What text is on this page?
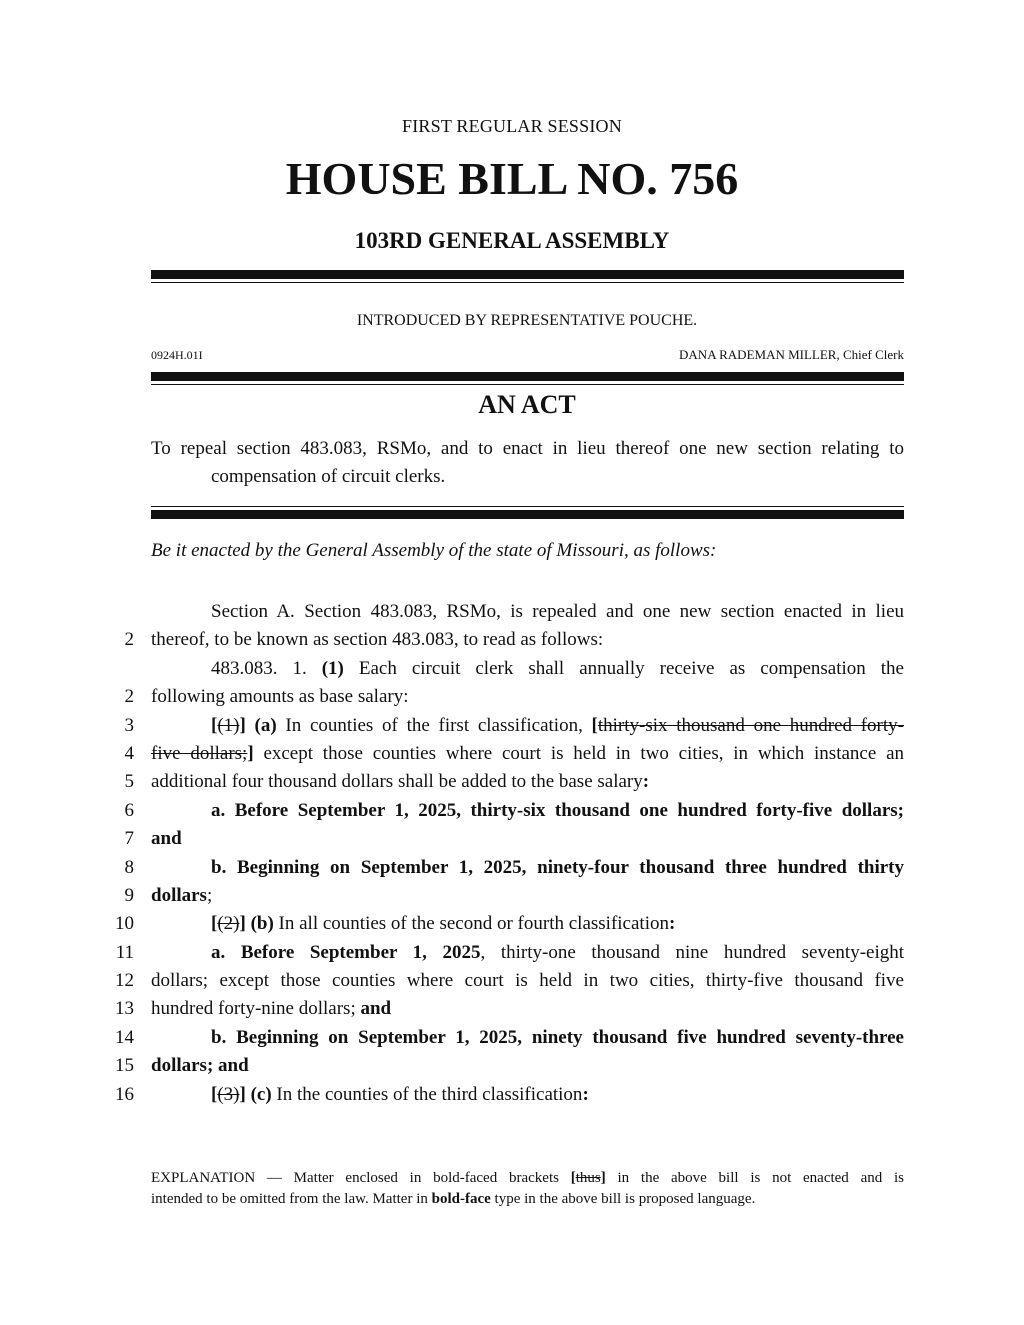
FIRST REGULAR SESSION
HOUSE BILL NO. 756
103RD GENERAL ASSEMBLY
INTRODUCED BY REPRESENTATIVE POUCHE.
0924H.01I	DANA RADEMAN MILLER, Chief Clerk
AN ACT
To repeal section 483.083, RSMo, and to enact in lieu thereof one new section relating to
compensation of circuit clerks.
Be it enacted by the General Assembly of the state of Missouri, as follows:
Section A. Section 483.083, RSMo, is repealed and one new section enacted in lieu
2 thereof, to be known as section 483.083, to read as follows:
483.083. 1. (1) Each circuit clerk shall annually receive as compensation the
2 following amounts as base salary:
3	[(1)] (a) In counties of the first classification, [thirty-six thousand one hundred forty-
4 five dollars;] except those counties where court is held in two cities, in which instance an
5 additional four thousand dollars shall be added to the base salary:
6	a. Before September 1, 2025, thirty-six thousand one hundred forty-five dollars;
7 and
8	b. Beginning on September 1, 2025, ninety-four thousand three hundred thirty
9 dollars;
10	[(2)] (b) In all counties of the second or fourth classification:
11	a. Before September 1, 2025, thirty-one thousand nine hundred seventy-eight
12 dollars; except those counties where court is held in two cities, thirty-five thousand five
13 hundred forty-nine dollars; and
14	b. Beginning on September 1, 2025, ninety thousand five hundred seventy-three
15 dollars; and
16	[(3)] (c) In the counties of the third classification:
EXPLANATION — Matter enclosed in bold-faced brackets [thus] in the above bill is not enacted and is
intended to be omitted from the law. Matter in bold-face type in the above bill is proposed language.
